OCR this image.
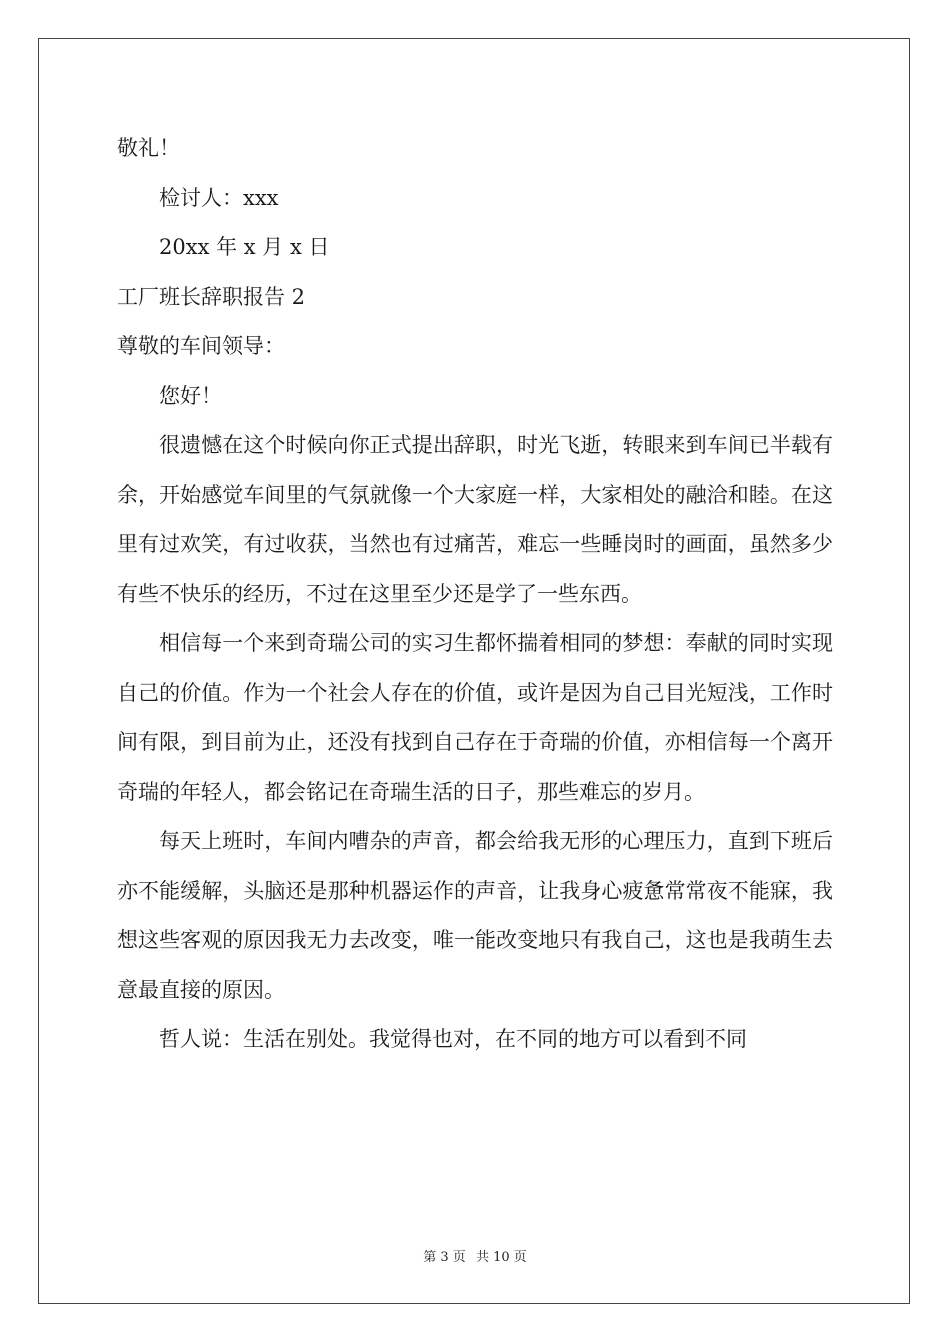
敬礼！
检讨人：xxx
20xx 年 x 月 x 日
工厂班长辞职报告 2
尊敬的车间领导：
您好！

很遗憾在这个时候向你正式提出辞职，时光飞逝，转眼来到车间已半载有余，开始感觉车间里的气氛就像一个大家庭一样，大家相处的融洽和睦。在这里有过欢笑，有过收获，当然也有过痛苦，难忘一些睡岗时的画面，虽然多少有些不快乐的经历，不过在这里至少还是学了一些东西。

相信每一个来到奇瑞公司的实习生都怀揣着相同的梦想：奉献的同时实现自己的价值。作为一个社会人存在的价值，或许是因为自己目光短浅，工作时间有限，到目前为止，还没有找到自己存在于奇瑞的价值，亦相信每一个离开奇瑞的年轻人，都会铭记在奇瑞生活的日子，那些难忘的岁月。

每天上班时，车间内嘈杂的声音，都会给我无形的心理压力，直到下班后亦不能缓解，头脑还是那种机器运作的声音，让我身心疲惫常常夜不能寐，我想这些客观的原因我无力去改变，唯一能改变地只有我自己，这也是我萌生去意最直接的原因。

哲人说：生活在别处。我觉得也对，在不同的地方可以看到不同

第 3 页 共 10 页
